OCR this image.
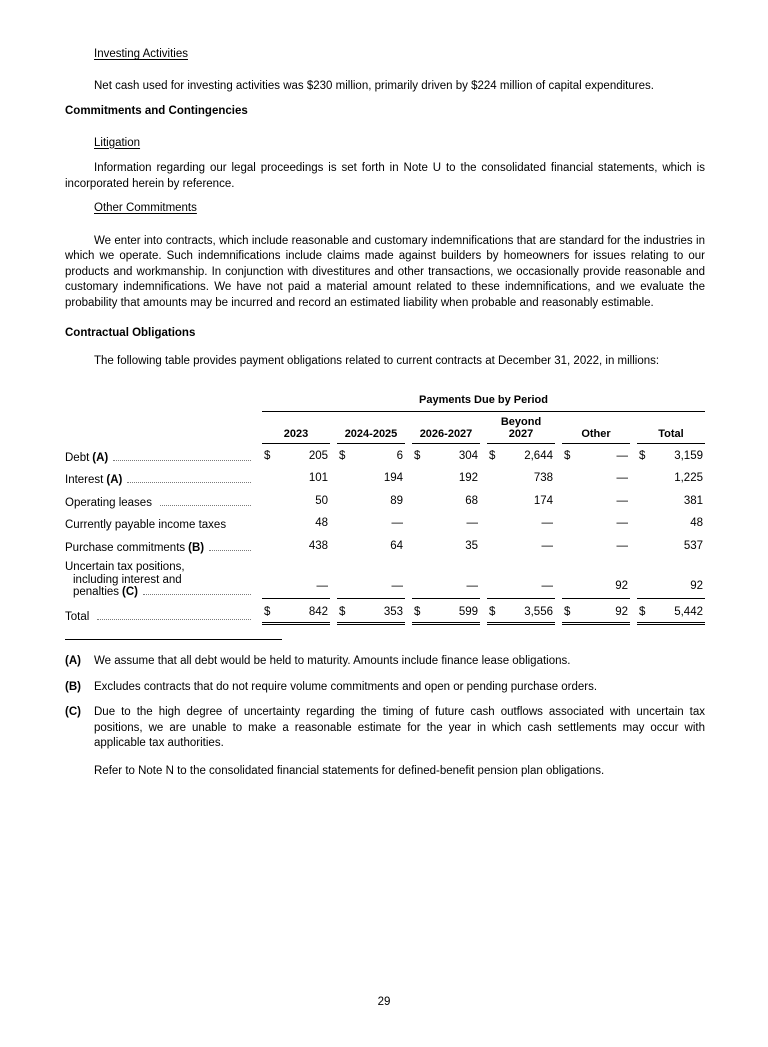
Investing Activities

Net cash used for investing activities was $230 million, primarily driven by $224 million of capital expenditures.

Commitments and Contingencies
Litigation

Information regarding our legal proceedings is set forth in Note U to the consolidated financial statements, which is incorporated herein by reference.

Other Commitments

We enter into contracts, which include reasonable and customary indemnifications that are standard for the industries in which we operate. Such indemnifications include claims made against builders by homeowners for issues relating to our products and workmanship. In conjunction with divestitures and other transactions, we occasionally provide reasonable and customary indemnifications. We have not paid a material amount related to these indemnifications, and we evaluate the probability that amounts may be incurred and record an estimated liability when probable and reasonably estimable.

Contractual Obligations

The following table provides payment obligations related to current contracts at December 31, 2022, in millions:

Payments Due by Period
2023	2024-2025	2026-2027
Beyond
2027	Other	Total
Debt (A)	$	205 $	6 $	304 $	2,644 $	— $	3,159
Interest (A)	101	194	192	738	—	1,225
Operating leases	50	89	68	174	—	381
Currently payable income taxes	48	—	—	—	—	48
Purchase commitments (B)	438	64	35	—	—	537
Uncertain tax positions,
including interest and
penalties (C)	—	—	—	—	92	92
Total	$	842 $	353 $	599 $	3,556 $	92 $	5,442
(A) We assume that all debt would be held to maturity. Amounts include finance lease obligations.
(B) Excludes contracts that do not require volume commitments and open or pending purchase orders.
(C) Due to the high degree of uncertainty regarding the timing of future cash outflows associated with uncertain tax positions, we are unable to make a reasonable estimate for the year in which cash settlements may occur with applicable tax authorities.

Refer to Note N to the consolidated financial statements for defined-benefit pension plan obligations.

29
